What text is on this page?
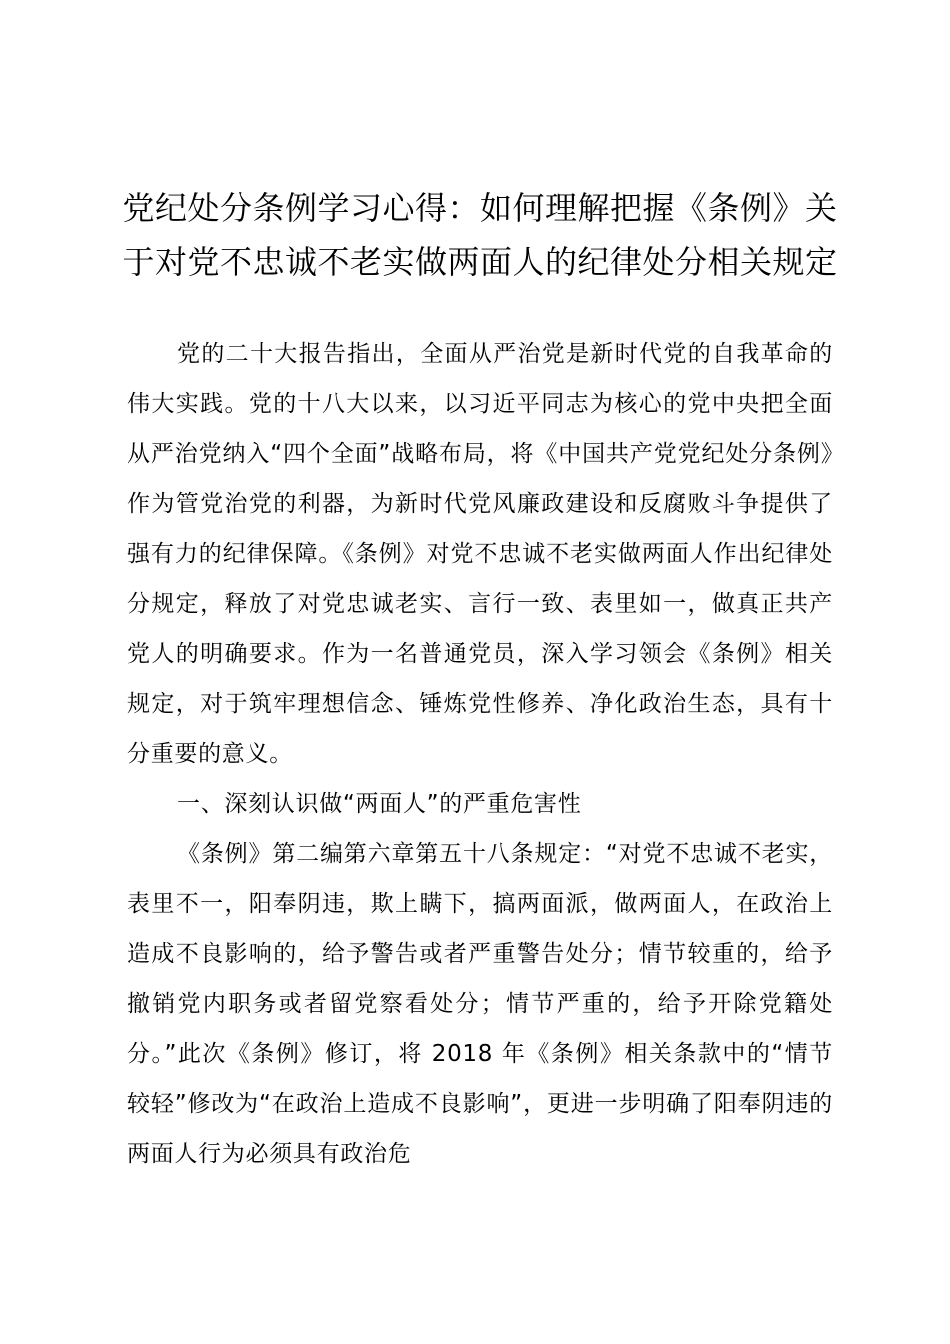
党纪处分条例学习心得：如何理解把握《条例》关于对党不忠诚不老实做两面人的纪律处分相关规定

党的二十大报告指出，全面从严治党是新时代党的自我革命的伟大实践。党的十八大以来，以习近平同志为核心的党中央把全面从严治党纳入“四个全面”战略布局，将《中国共产党党纪处分条例》作为管党治党的利器，为新时代党风廉政建设和反腐败斗争提供了强有力的纪律保障。《条例》对党不忠诚不老实做两面人作出纪律处分规定，释放了对党忠诚老实、言行一致、表里如一，做真正共产党人的明确要求。作为一名普通党员，深入学习领会《条例》相关规定，对于筑牢理想信念、锤炼党性修养、净化政治生态，具有十分重要的意义。

一、深刻认识做“两面人”的严重危害性

《条例》第二编第六章第五十八条规定：“对党不忠诚不老实，表里不一，阳奉阴违，欺上瞒下，搞两面派，做两面人，在政治上造成不良影响的，给予警告或者严重警告处分；情节较重的，给予撤销党内职务或者留党察看处分；情节严重的，给予开除党籍处分。”此次《条例》修订，将 2018 年《条例》相关条款中的“情节较轻”修改为“在政治上造成不良影响”，更进一步明确了阳奉阴违的两面人行为必须具有政治危
